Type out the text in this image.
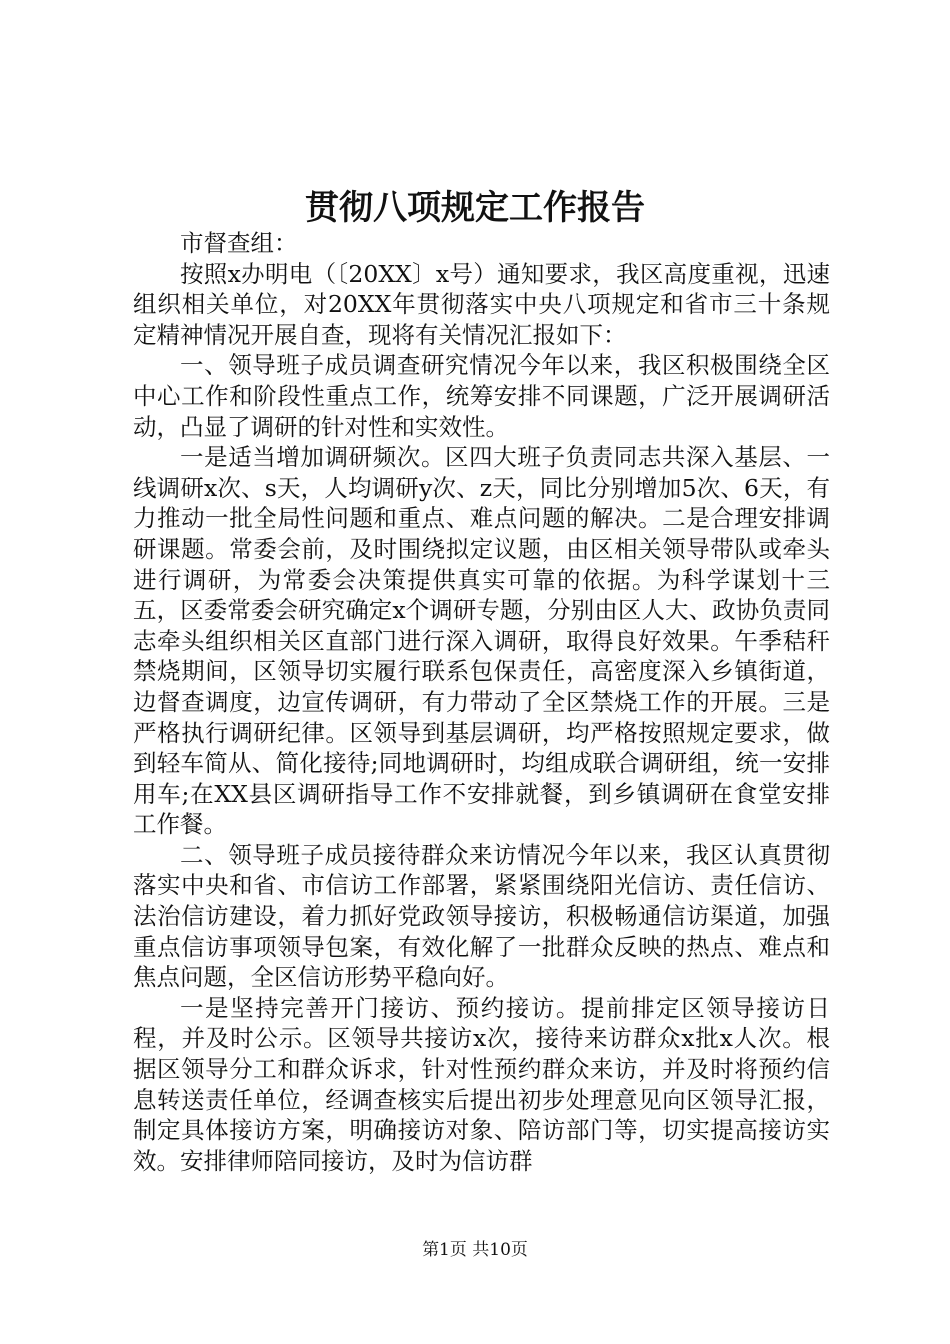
贯彻八项规定工作报告

市督查组：

按照x办明电（〔20XX〕x号）通知要求，我区高度重视，迅速组织相关单位，对20XX年贯彻落实中央八项规定和省市三十条规定精神情况开展自查，现将有关情况汇报如下：

一、领导班子成员调查研究情况今年以来，我区积极围绕全区中心工作和阶段性重点工作，统筹安排不同课题，广泛开展调研活动，凸显了调研的针对性和实效性。

一是适当增加调研频次。区四大班子负责同志共深入基层、一线调研x次、s天，人均调研y次、z天，同比分别增加5次、6天，有力推动一批全局性问题和重点、难点问题的解决。二是合理安排调研课题。常委会前，及时围绕拟定议题，由区相关领导带队或牵头进行调研，为常委会决策提供真实可靠的依据。为科学谋划十三五，区委常委会研究确定x个调研专题，分别由区人大、政协负责同志牵头组织相关区直部门进行深入调研，取得良好效果。午季秸秆禁烧期间，区领导切实履行联系包保责任，高密度深入乡镇街道，边督查调度，边宣传调研，有力带动了全区禁烧工作的开展。三是严格执行调研纪律。区领导到基层调研，均严格按照规定要求，做到轻车简从、简化接待;同地调研时，均组成联合调研组，统一安排用车;在XX县区调研指导工作不安排就餐，到乡镇调研在食堂安排工作餐。

二、领导班子成员接待群众来访情况今年以来，我区认真贯彻落实中央和省、市信访工作部署，紧紧围绕阳光信访、责任信访、法治信访建设，着力抓好党政领导接访，积极畅通信访渠道，加强重点信访事项领导包案，有效化解了一批群众反映的热点、难点和焦点问题，全区信访形势平稳向好。

一是坚持完善开门接访、预约接访。提前排定区领导接访日程，并及时公示。区领导共接访x次，接待来访群众x批x人次。根据区领导分工和群众诉求，针对性预约群众来访，并及时将预约信息转送责任单位，经调查核实后提出初步处理意见向区领导汇报，制定具体接访方案，明确接访对象、陪访部门等，切实提高接访实效。安排律师陪同接访，及时为信访群

第1页 共10页
